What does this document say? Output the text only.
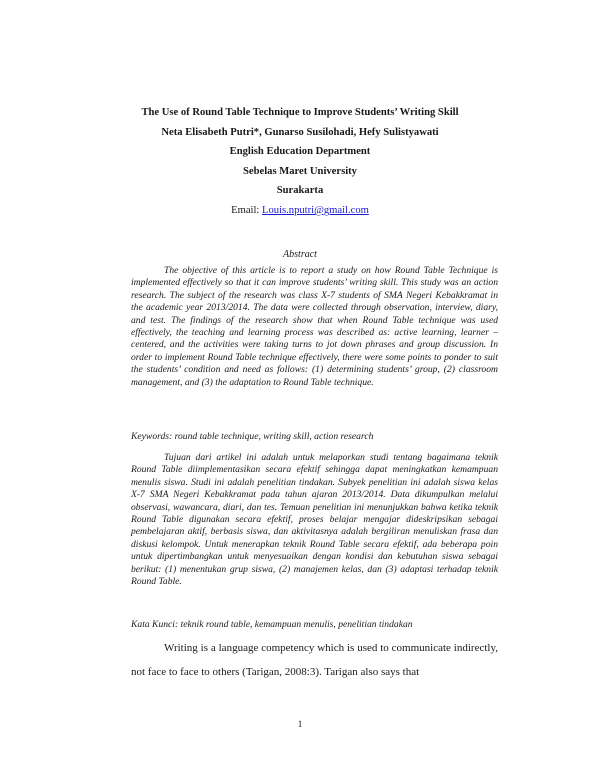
The Use of Round Table Technique to Improve Students’ Writing Skill
Neta Elisabeth Putri*, Gunarso Susilohadi, Hefy Sulistyawati
English Education Department
Sebelas Maret University
Surakarta
Email: Louis.nputri@gmail.com
Abstract
The objective of this article is to report a study on how Round Table Technique is implemented effectively so that it can improve students’ writing skill. This study was an action research. The subject of the research was class X-7 students of SMA Negeri Kebakkramat in the academic year 2013/2014. The data were collected through observation, interview, diary, and test. The findings of the research show that when Round Table technique was used effectively, the teaching and learning process was described as: active learning, learner – centered, and the activities were taking turns to jot down phrases and group discussion. In order to implement Round Table technique effectively, there were some points to ponder to suit the students’ condition and need as follows: (1) determining students’ group, (2) classroom management, and (3) the adaptation to Round Table technique.
Keywords: round table technique, writing skill, action research
Tujuan dari artikel ini adalah untuk melaporkan studi tentang bagaimana teknik Round Table diimplementasikan secara efektif sehingga dapat meningkatkan kemampuan menulis siswa. Studi ini adalah penelitian tindakan. Subyek penelitian ini adalah siswa kelas X-7 SMA Negeri Kebakkramat pada tahun ajaran 2013/2014. Data dikumpulkan melalui observasi, wawancara, diari, dan tes. Temuan penelitian ini menunjukkan bahwa ketika teknik Round Table digunakan secara efektif, proses belajar mengajar dideskripsikan sebagai pembelajaran aktif, berbasis siswa, dan aktivitasnya adalah bergiliran menuliskan frasa dan diskusi kelompok. Untuk menerapkan teknik Round Table secara efektif, ada beberapa poin untuk dipertimbangkan untuk menyesuaikan dengan kondisi dan kebutuhan siswa sebagai berikut: (1) menentukan grup siswa, (2) manajemen kelas, dan (3) adaptasi terhadap teknik Round Table.
Kata Kunci: teknik round table, kemampuan menulis, penelitian tindakan
Writing is a language competency which is used to communicate indirectly, not face to face to others (Tarigan, 2008:3). Tarigan also says that
1
